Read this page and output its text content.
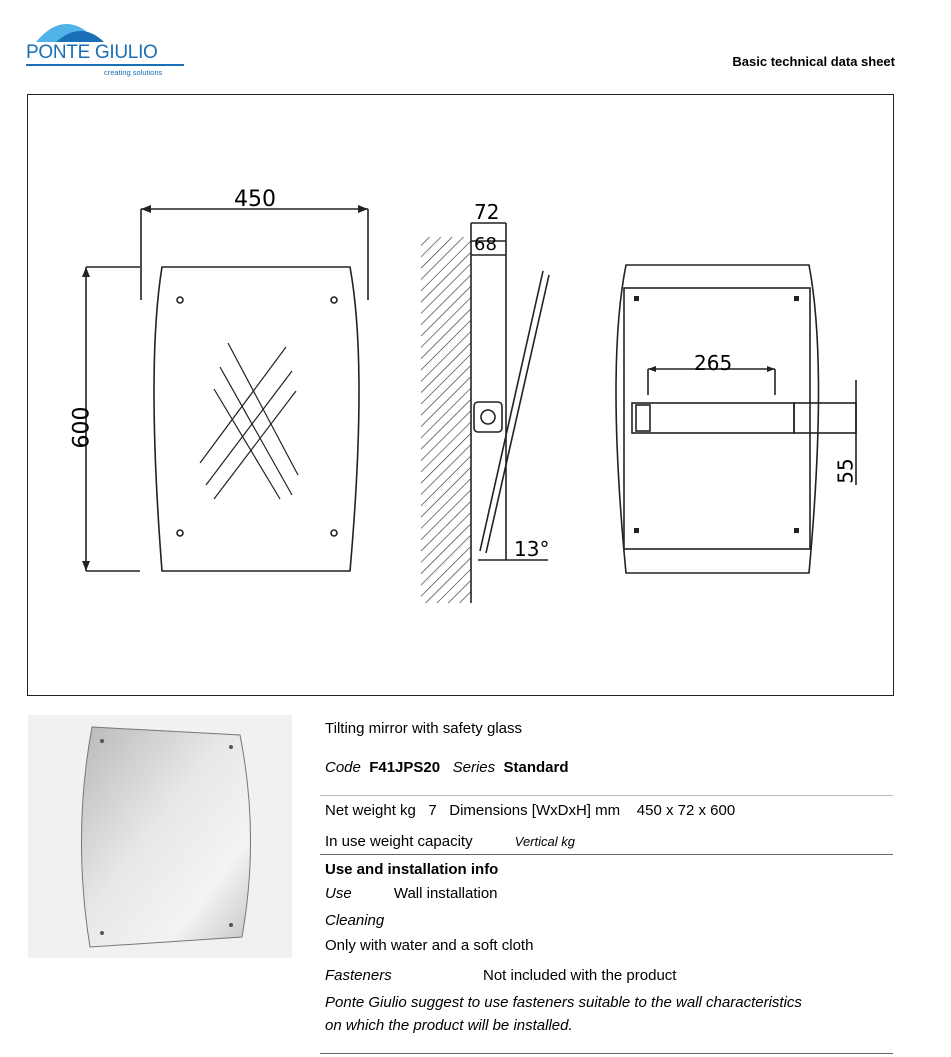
PONTE GIULIO
creating solutions
Basic technical data sheet
450
600
72
68
13°
265
55
Tilting mirror with safety glass
Code F41JPS20 Series Standard
Net weight kg 7 Dimensions [WxDxH] mm 450 x 72 x 600
In use weight capacity	Vertical kg
Use and installation info
Use	Wall installation
Cleaning
Only with water and a soft cloth
Fasteners	Not included with the product
Ponte Giulio suggest to use fasteners suitable to the wall characteristics
on which the product will be installed.
